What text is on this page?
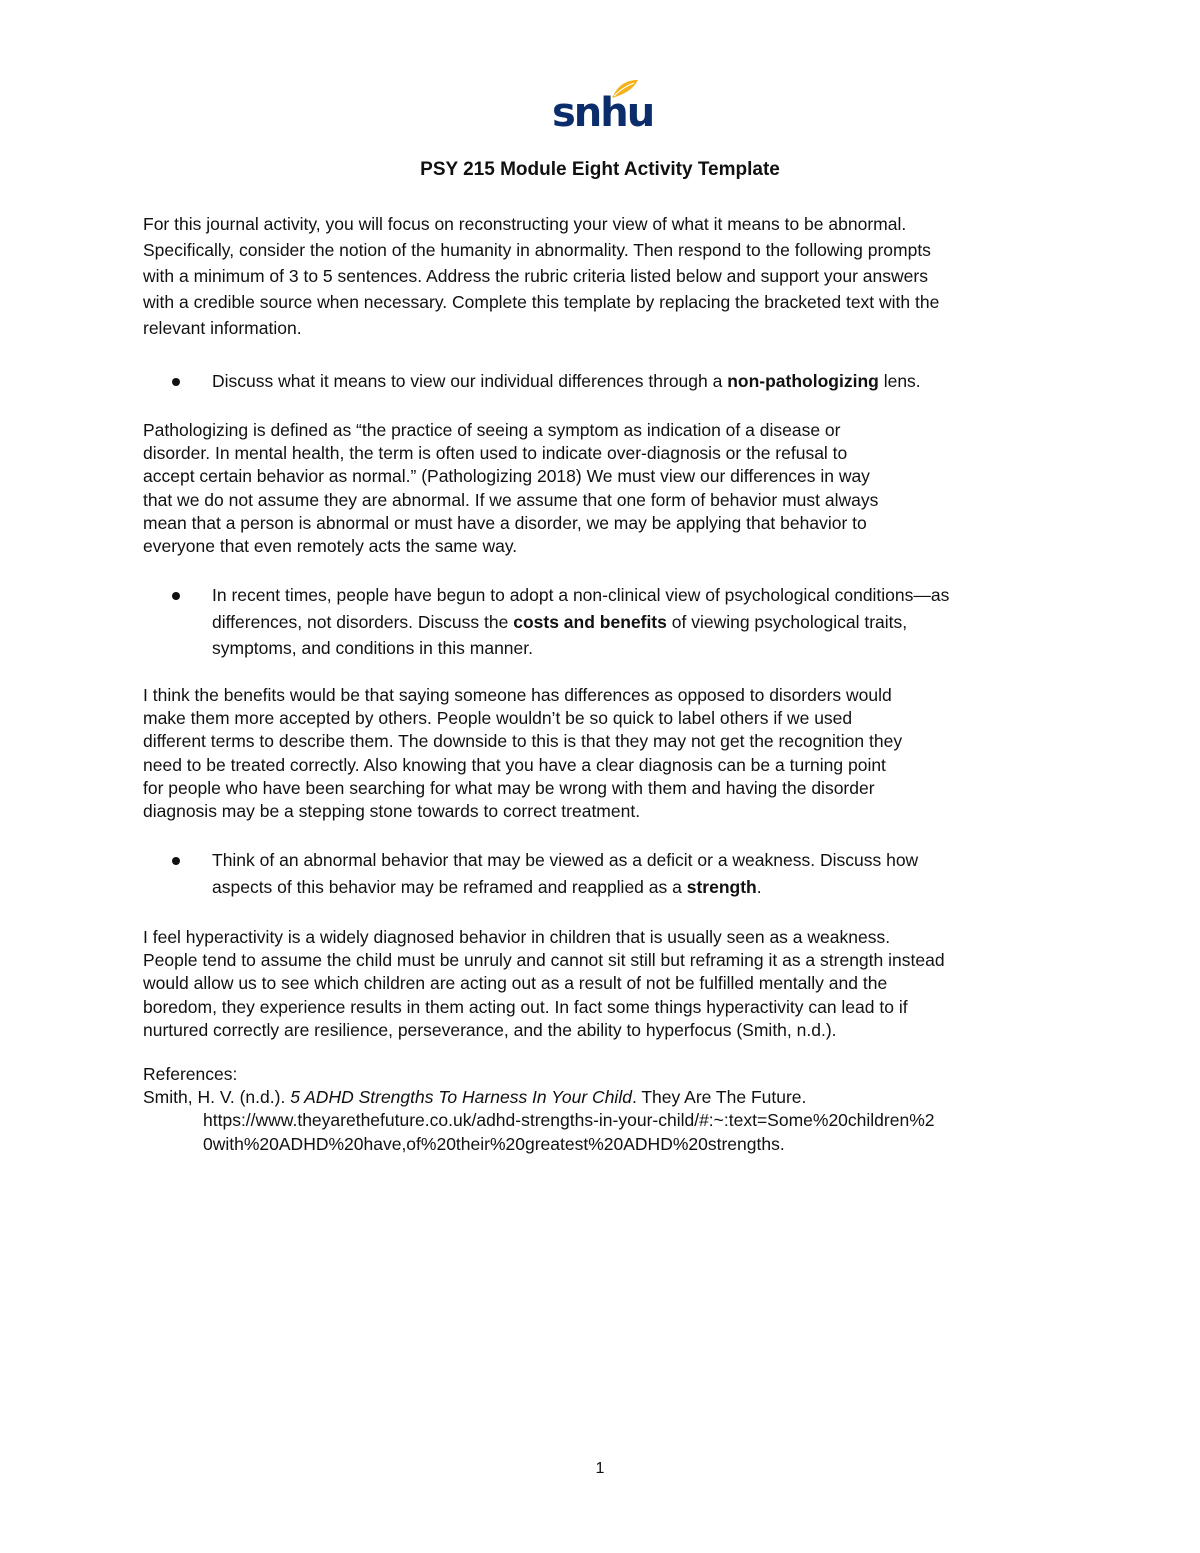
snhu
PSY 215 Module Eight Activity Template
For this journal activity, you will focus on reconstructing your view of what it means to be abnormal.
Specifically, consider the notion of the humanity in abnormality. Then respond to the following prompts
with a minimum of 3 to 5 sentences. Address the rubric criteria listed below and support your answers
with a credible source when necessary. Complete this template by replacing the bracketed text with the
relevant information.
Discuss what it means to view our individual differences through a non-pathologizing lens.
Pathologizing is defined as “the practice of seeing a symptom as indication of a disease or
disorder. In mental health, the term is often used to indicate over-diagnosis or the refusal to
accept certain behavior as normal.” (Pathologizing 2018) We must view our differences in way
that we do not assume they are abnormal. If we assume that one form of behavior must always
mean that a person is abnormal or must have a disorder, we may be applying that behavior to
everyone that even remotely acts the same way.
In recent times, people have begun to adopt a non-clinical view of psychological conditions—as
differences, not disorders. Discuss the costs and benefits of viewing psychological traits,
symptoms, and conditions in this manner.
I think the benefits would be that saying someone has differences as opposed to disorders would
make them more accepted by others. People wouldn’t be so quick to label others if we used
different terms to describe them. The downside to this is that they may not get the recognition they
need to be treated correctly. Also knowing that you have a clear diagnosis can be a turning point
for people who have been searching for what may be wrong with them and having the disorder
diagnosis may be a stepping stone towards to correct treatment.
Think of an abnormal behavior that may be viewed as a deficit or a weakness. Discuss how
aspects of this behavior may be reframed and reapplied as a strength.
I feel hyperactivity is a widely diagnosed behavior in children that is usually seen as a weakness.
People tend to assume the child must be unruly and cannot sit still but reframing it as a strength instead
would allow us to see which children are acting out as a result of not be fulfilled mentally and the
boredom, they experience results in them acting out. In fact some things hyperactivity can lead to if
nurtured correctly are resilience, perseverance, and the ability to hyperfocus (Smith, n.d.).
References:
Smith, H. V. (n.d.). 5 ADHD Strengths To Harness In Your Child. They Are The Future.
https://www.theyarethefuture.co.uk/adhd-strengths-in-your-child/#:~:text=Some%20children%2
0with%20ADHD%20have,of%20their%20greatest%20ADHD%20strengths.
1
